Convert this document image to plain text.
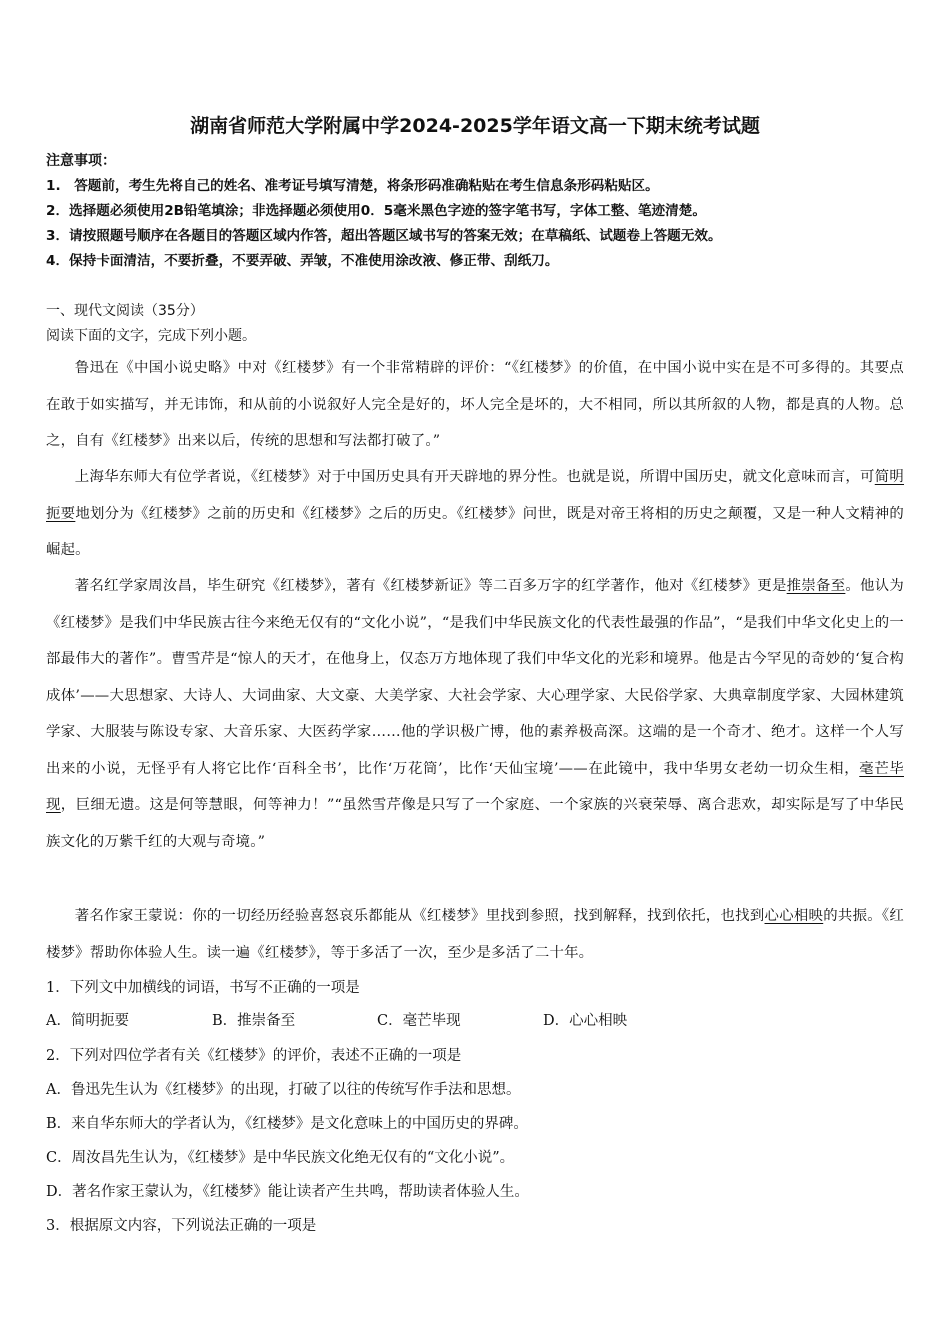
湖南省师范大学附属中学2024-2025学年语文高一下期末统考试题
注意事项：
1.　答题前，考生先将自己的姓名、准考证号填写清楚，将条形码准确粘贴在考生信息条形码粘贴区。
2．选择题必须使用2B铅笔填涂；非选择题必须使用0．5毫米黑色字迹的签字笔书写，字体工整、笔迹清楚。
3．请按照题号顺序在各题目的答题区域内作答，超出答题区域书写的答案无效；在草稿纸、试题卷上答题无效。
4．保持卡面清洁，不要折叠，不要弄破、弄皱，不准使用涂改液、修正带、刮纸刀。
一、现代文阅读（35分）
阅读下面的文字，完成下列小题。

鲁迅在《中国小说史略》中对《红楼梦》有一个非常精辟的评价：“《红楼梦》的价值，在中国小说中实在是不可多得的。其要点在敢于如实描写，并无讳饰，和从前的小说叙好人完全是好的，坏人完全是坏的，大不相同，所以其所叙的人物，都是真的人物。总之，自有《红楼梦》出来以后，传统的思想和写法都打破了。”

上海华东师大有位学者说，《红楼梦》对于中国历史具有开天辟地的界分性。也就是说，所谓中国历史，就文化意味而言，可简明扼要地划分为《红楼梦》之前的历史和《红楼梦》之后的历史。《红楼梦》问世，既是对帝王将相的历史之颠覆，又是一种人文精神的崛起。

著名红学家周汝昌，毕生研究《红楼梦》，著有《红楼梦新证》等二百多万字的红学著作，他对《红楼梦》更是推崇备至。他认为《红楼梦》是我们中华民族古往今来绝无仅有的“文化小说”，“是我们中华民族文化的代表性最强的作品”，“是我们中华文化史上的一部最伟大的著作”。曹雪芹是“惊人的天才，在他身上，仅态万方地体现了我们中华文化的光彩和境界。他是古今罕见的奇妙的‘复合构成体’——大思想家、大诗人、大词曲家、大文豪、大美学家、大社会学家、大心理学家、大民俗学家、大典章制度学家、大园林建筑学家、大服装与陈设专家、大音乐家、大医药学家……他的学识极广博，他的素养极高深。这端的是一个奇才、绝才。这样一个人写出来的小说，无怪乎有人将它比作‘百科全书’，比作‘万花筒’，比作‘天仙宝境’——在此镜中，我中华男女老幼一切众生相，毫芒毕现，巨细无遗。这是何等慧眼，何等神力！”“虽然雪芹像是只写了一个家庭、一个家族的兴衰荣辱、离合悲欢，却实际是写了中华民族文化的万紫千红的大观与奇境。”

著名作家王蒙说：你的一切经历经验喜怒哀乐都能从《红楼梦》里找到参照，找到解释，找到依托，也找到心心相映的共振。《红楼梦》帮助你体验人生。读一遍《红楼梦》，等于多活了一次，至少是多活了二十年。

1．下列文中加横线的词语，书写不正确的一项是
A．简明扼要	B．推崇备至	C．毫芒毕现	D．心心相映
2．下列对四位学者有关《红楼梦》的评价，表述不正确的一项是
A．鲁迅先生认为《红楼梦》的出现，打破了以往的传统写作手法和思想。
B．来自华东师大的学者认为，《红楼梦》是文化意味上的中国历史的界碑。
C．周汝昌先生认为，《红楼梦》是中华民族文化绝无仅有的“文化小说”。
D．著名作家王蒙认为，《红楼梦》能让读者产生共鸣，帮助读者体验人生。
3．根据原文内容，下列说法正确的一项是
